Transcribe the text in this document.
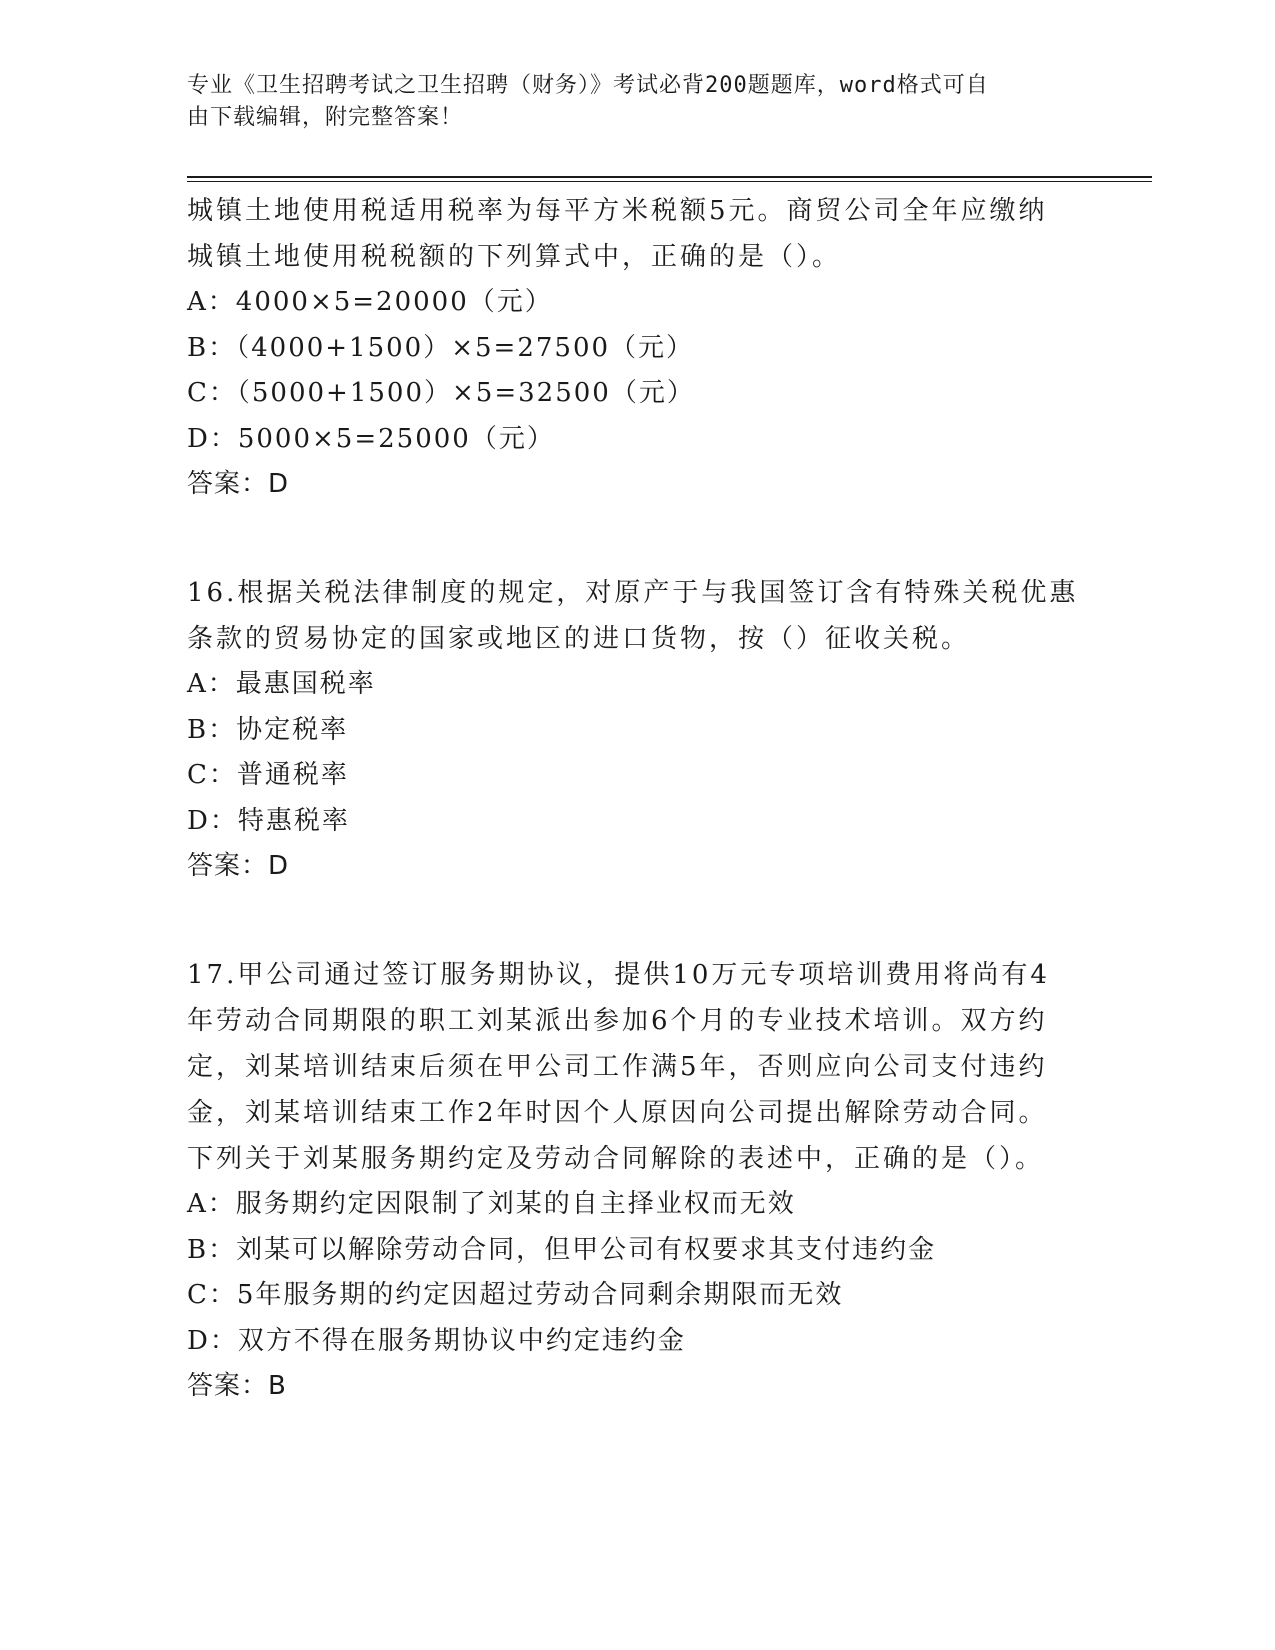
专业《卫生招聘考试之卫生招聘（财务）》考试必背200题题库，word格式可自
由下载编辑，附完整答案！

城镇土地使用税适用税率为每平方米税额5元。商贸公司全年应缴纳

城镇土地使用税税额的下列算式中，正确的是（）。

A：4000×5=20000（元）

B：（4000+1500）×5=27500（元）

C：（5000+1500）×5=32500（元）

D：5000×5=25000（元）

答案：D

16.根据关税法律制度的规定，对原产于与我国签订含有特殊关税优惠

条款的贸易协定的国家或地区的进口货物，按（）征收关税。

A：最惠国税率

B：协定税率

C：普通税率

D：特惠税率

答案：D

17.甲公司通过签订服务期协议，提供10万元专项培训费用将尚有4

年劳动合同期限的职工刘某派出参加6个月的专业技术培训。双方约

定，刘某培训结束后须在甲公司工作满5年，否则应向公司支付违约

金，刘某培训结束工作2年时因个人原因向公司提出解除劳动合同。

下列关于刘某服务期约定及劳动合同解除的表述中，正确的是（）。

A：服务期约定因限制了刘某的自主择业权而无效

B：刘某可以解除劳动合同，但甲公司有权要求其支付违约金

C：5年服务期的约定因超过劳动合同剩余期限而无效

D：双方不得在服务期协议中约定违约金

答案：B
